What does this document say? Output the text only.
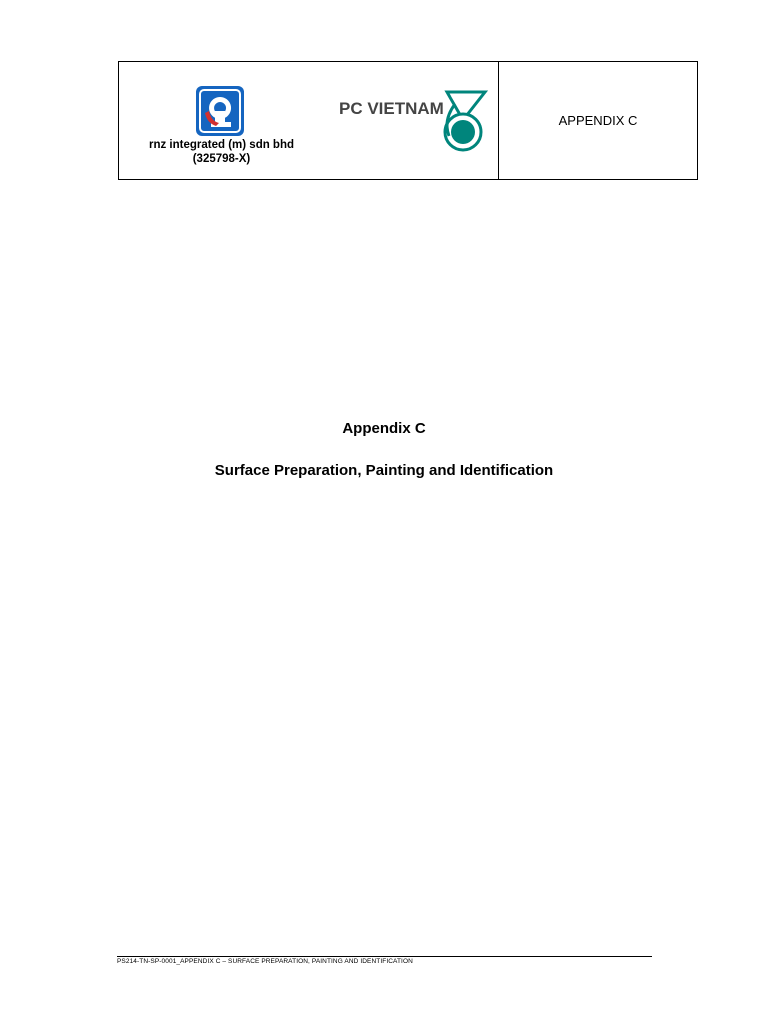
rnz integrated (m) sdn bhd
(325798-X)
PC VIETNAM
APPENDIX C
Appendix C
Surface Preparation, Painting and Identification
PS214-TN-SP-0001_APPENDIX C – SURFACE PREPARATION, PAINTING AND IDENTIFICATION
